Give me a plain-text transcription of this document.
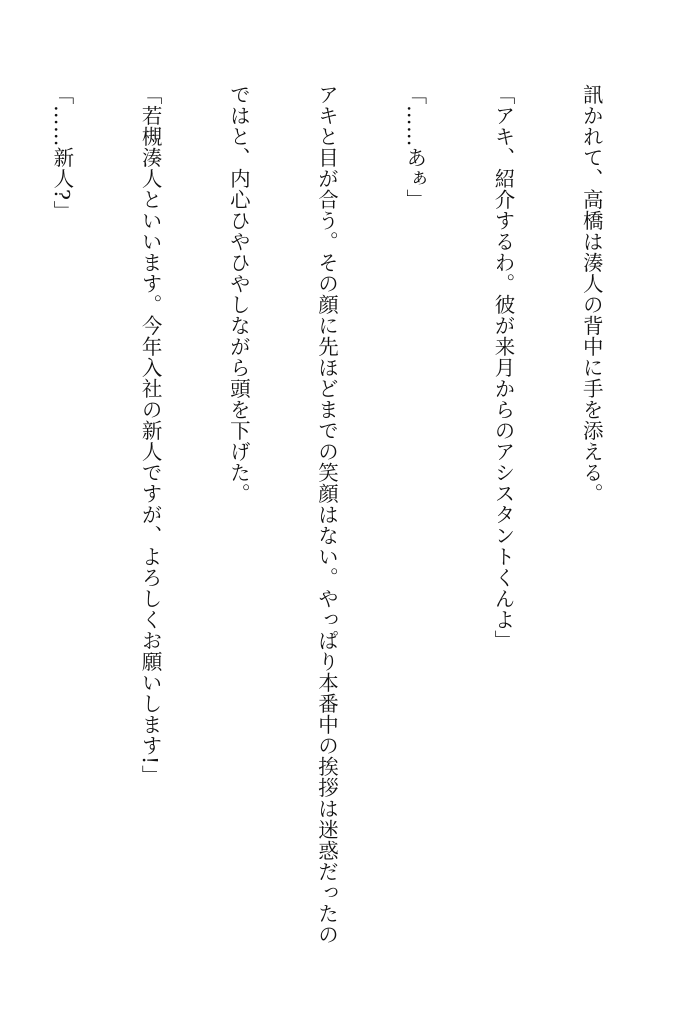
訊かれて、高橋は湊人の背中に手を添える。

「アキ、紹介するわ。彼が来月からのアシスタントくんよ」

「……あぁ」

アキと目が合う。その顔に先ほどまでの笑顔はない。やっぱり本番中の挨拶は迷惑だったの

ではと、内心ひやひやしながら頭を下げた。

「若槻湊人といいます。今年入社の新人ですが、よろしくお願いします!」

「……新人?」
